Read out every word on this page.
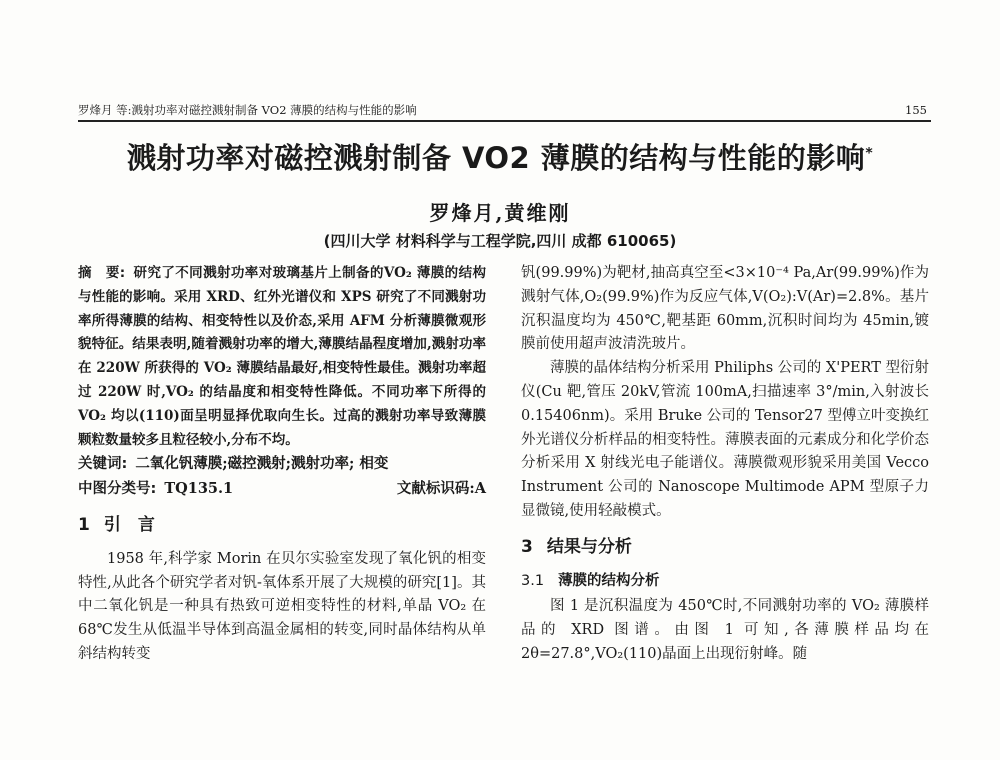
罗烽月 等:溅射功率对磁控溅射制备 VO2 薄膜的结构与性能的影响	155
溅射功率对磁控溅射制备 VO2 薄膜的结构与性能的影响*
罗烽月,黄维刚
(四川大学 材料科学与工程学院,四川 成都 610065)

摘　要: 研究了不同溅射功率对玻璃基片上制备的VO₂ 薄膜的结构与性能的影响。采用 XRD、红外光谱仪和 XPS 研究了不同溅射功率所得薄膜的结构、相变特性以及价态,采用 AFM 分析薄膜微观形貌特征。结果表明,随着溅射功率的增大,薄膜结晶程度增加,溅射功率在 220W 所获得的 VO₂ 薄膜结晶最好,相变特性最佳。溅射功率超过 220W 时,VO₂ 的结晶度和相变特性降低。不同功率下所得的 VO₂ 均以(110)面呈明显择优取向生长。过高的溅射功率导致薄膜颗粒数量较多且粒径较小,分布不均。

关键词: 二氧化钒薄膜;磁控溅射;溅射功率; 相变

中图分类号: TQ135.1	文献标识码:A

1 引　言

1958 年,科学家 Morin 在贝尔实验室发现了氧化钒的相变特性,从此各个研究学者对钒-氧体系开展了大规模的研究[1]。其中二氧化钒是一种具有热致可逆相变特性的材料,单晶 VO₂ 在 68℃发生从低温半导体到高温金属相的转变,同时晶体结构从单斜结构转变

钒(99.99%)为靶材,抽高真空至<3×10⁻⁴ Pa,Ar(99.99%)作为溅射气体,O₂(99.9%)作为反应气体,V(O₂):V(Ar)=2.8%。基片沉积温度均为 450℃,靶基距 60mm,沉积时间均为 45min,镀膜前使用超声波清洗玻片。

薄膜的晶体结构分析采用 Philiphs 公司的 X'PERT 型衍射仪(Cu 靶,管压 20kV,管流 100mA,扫描速率 3°/min,入射波长 0.15406nm)。采用 Bruke 公司的 Tensor27 型傅立叶变换红外光谱仪分析样品的相变特性。薄膜表面的元素成分和化学价态分析采用 X 射线光电子能谱仪。薄膜微观形貌采用美国 Vecco Instrument 公司的 Nanoscope Multimode APM 型原子力显微镜,使用轻敲模式。

3 结果与分析

3.1 薄膜的结构分析

图 1 是沉积温度为 450℃时,不同溅射功率的 VO₂ 薄膜样品的 XRD 图谱。由图 1 可知,各薄膜样品均在 2θ=27.8°,VO₂(110)晶面上出现衍射峰。随
